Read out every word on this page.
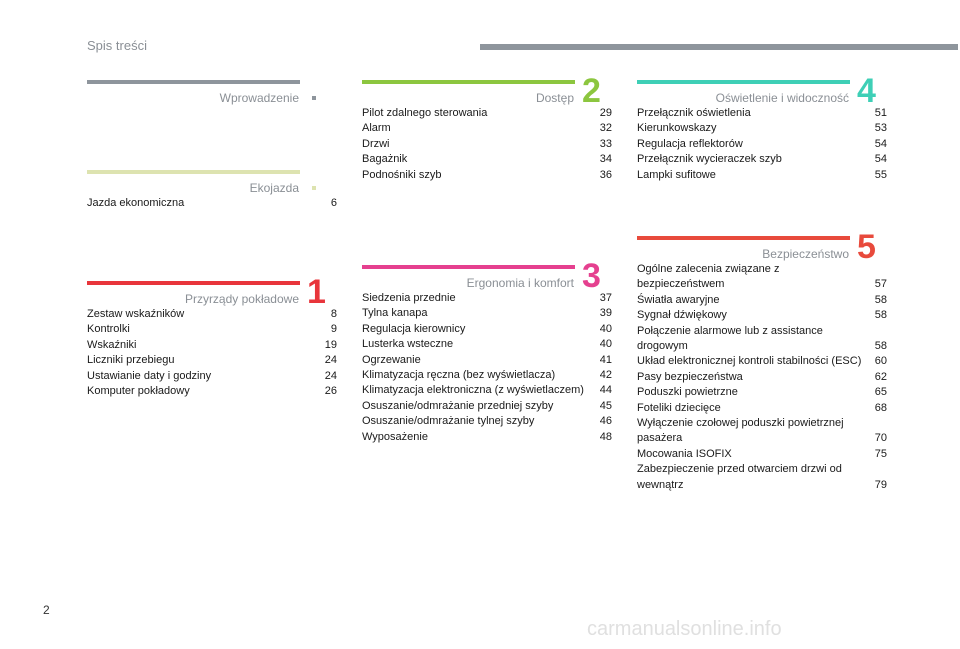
Spis treści
Wprowadzenie
Ekojazda
Jazda ekonomiczna	6
Przyrządy pokładowe 1
Zestaw wskaźników	8
Kontrolki	9
Wskaźniki	19
Liczniki przebiegu	24
Ustawianie daty i godziny	24
Komputer pokładowy	26
Dostęp 2
Pilot zdalnego sterowania	29
Alarm	32
Drzwi	33
Bagażnik	34
Podnośniki szyb	36
Ergonomia i komfort 3
Siedzenia przednie	37
Tylna kanapa	39
Regulacja kierownicy	40
Lusterka wsteczne	40
Ogrzewanie	41
Klimatyzacja ręczna (bez wyświetlacza)	42
Klimatyzacja elektroniczna (z wyświetlaczem) 44
Osuszanie/odmrażanie przedniej szyby	45
Osuszanie/odmrażanie tylnej szyby	46
Wyposażenie	48
Oświetlenie i widoczność 4
Przełącznik oświetlenia	51
Kierunkowskazy	53
Regulacja reflektorów	54
Przełącznik wycieraczek szyb	54
Lampki sufitowe	55
Bezpieczeństwo 5
Ogólne zalecenia związane z bezpieczeństwem	57
Światła awaryjne	58
Sygnał dźwiękowy	58
Połączenie alarmowe lub z assistance drogowym	58
Układ elektronicznej kontroli stabilności (ESC) 60
Pasy bezpieczeństwa	62
Poduszki powietrzne	65
Foteliki dziecięce	68
Wyłączenie czołowej poduszki powietrznej pasażera	70
Mocowania ISOFIX	75
Zabezpieczenie przed otwarciem drzwi od wewnątrz	79
2
carmanualsonline.info
